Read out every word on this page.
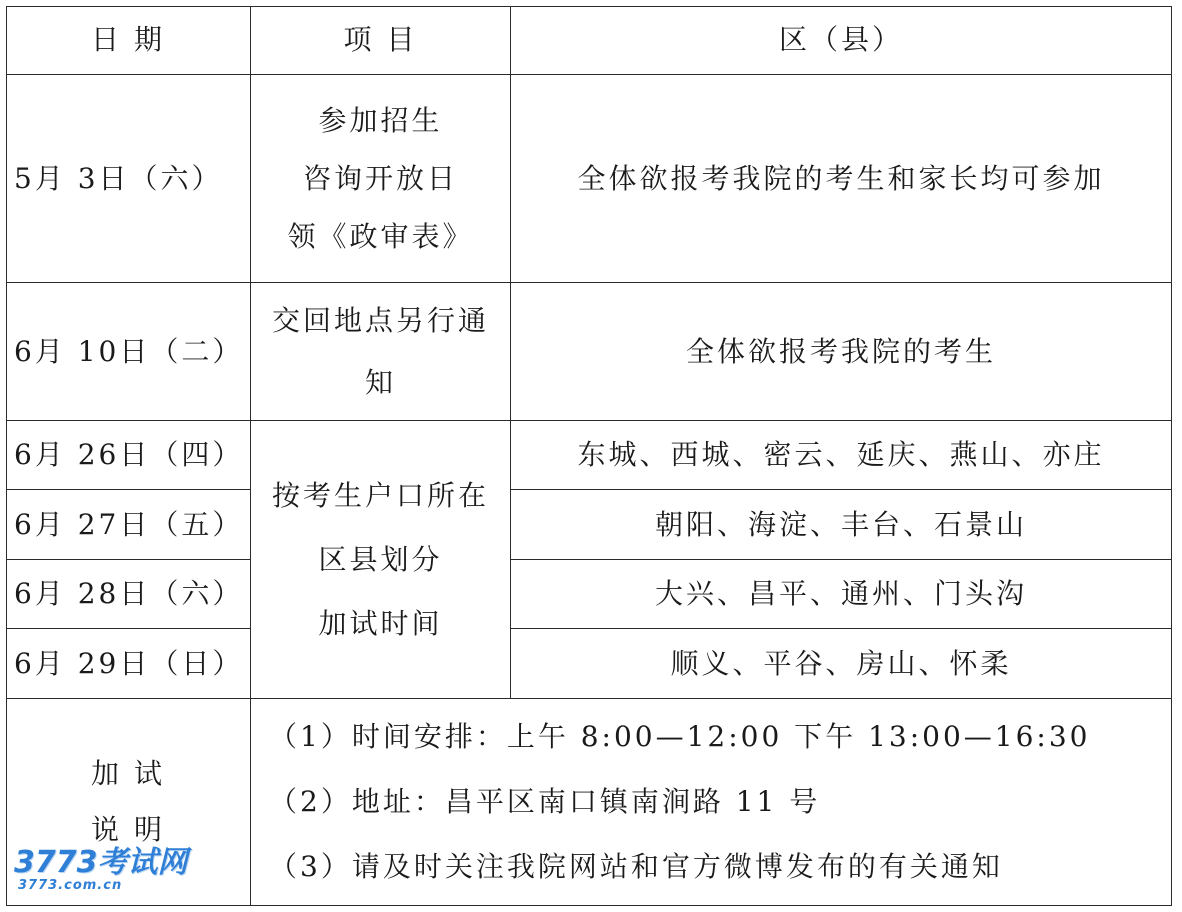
日 期	项 目	区（县）
5月 3日（六）
参加招生
咨询开放日
领《政审表》
全体欲报考我院的考生和家长均可参加
6月 10日（二）
交回地点另行通
知
全体欲报考我院的考生
6月 26日（四）
6月 27日（五）
6月 28日（六）
6月 29日（日）
按考生户口所在
区县划分
加试时间
东城、西城、密云、延庆、燕山、亦庄
朝阳、海淀、丰台、石景山
大兴、昌平、通州、门头沟
顺义、平谷、房山、怀柔
加 试
说 明
（1）时间安排：上午 8:00—12:00 下午 13:00—16:30
（2）地址：昌平区南口镇南涧路 11 号
（3）请及时关注我院网站和官方微博发布的有关通知
3773考试网
3773.com.cn
